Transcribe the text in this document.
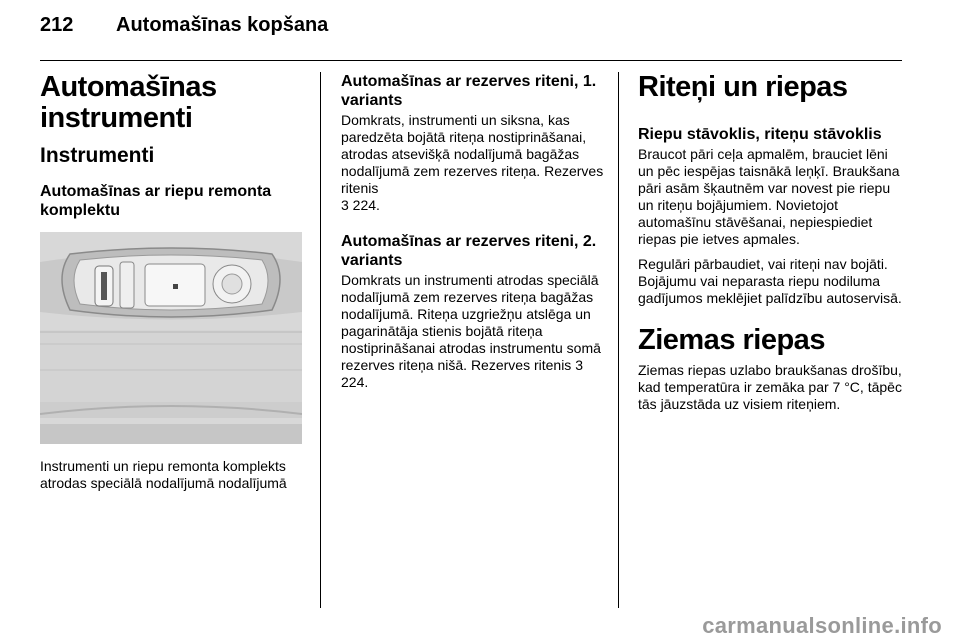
212 Automašīnas kopšana
Automašīnas instrumenti
Instrumenti
Automašīnas ar riepu remonta komplektu

Instrumenti un riepu remonta komplekts atrodas speciālā nodalījumā nodalījumā

Automašīnas ar rezerves riteni, 1. variants

Domkrats, instrumenti un siksna, kas paredzēta bojātā riteņa nostiprināšanai, atrodas atsevišķā nodalījumā bagāžas nodalījumā zem rezerves riteņa. Rezerves ritenis
3 224.

Automašīnas ar rezerves riteni, 2. variants

Domkrats un instrumenti atrodas speciālā nodalījumā zem rezerves riteņa bagāžas nodalījumā. Riteņa uzgriežņu atslēga un pagarinātāja stienis bojātā riteņa nostiprināšanai atrodas instrumentu somā rezerves riteņa nišā. Rezerves ritenis 3 224.

Riteņi un riepas
Riepu stāvoklis, riteņu stāvoklis

Braucot pāri ceļa apmalēm, brauciet lēni un pēc iespējas taisnākā leņķī. Braukšana pāri asām šķautnēm var novest pie riepu un riteņu bojājumiem. Novietojot automašīnu stāvēšanai, nepiespiediet riepas pie ietves apmales.

Regulāri pārbaudiet, vai riteņi nav bojāti. Bojājumu vai neparasta riepu nodiluma gadījumos meklējiet palīdzību autoservisā.

Ziemas riepas

Ziemas riepas uzlabo braukšanas drošību, kad temperatūra ir zemāka par 7 °C, tāpēc tās jāuzstāda uz visiem riteņiem.

carmanualsonline.info
